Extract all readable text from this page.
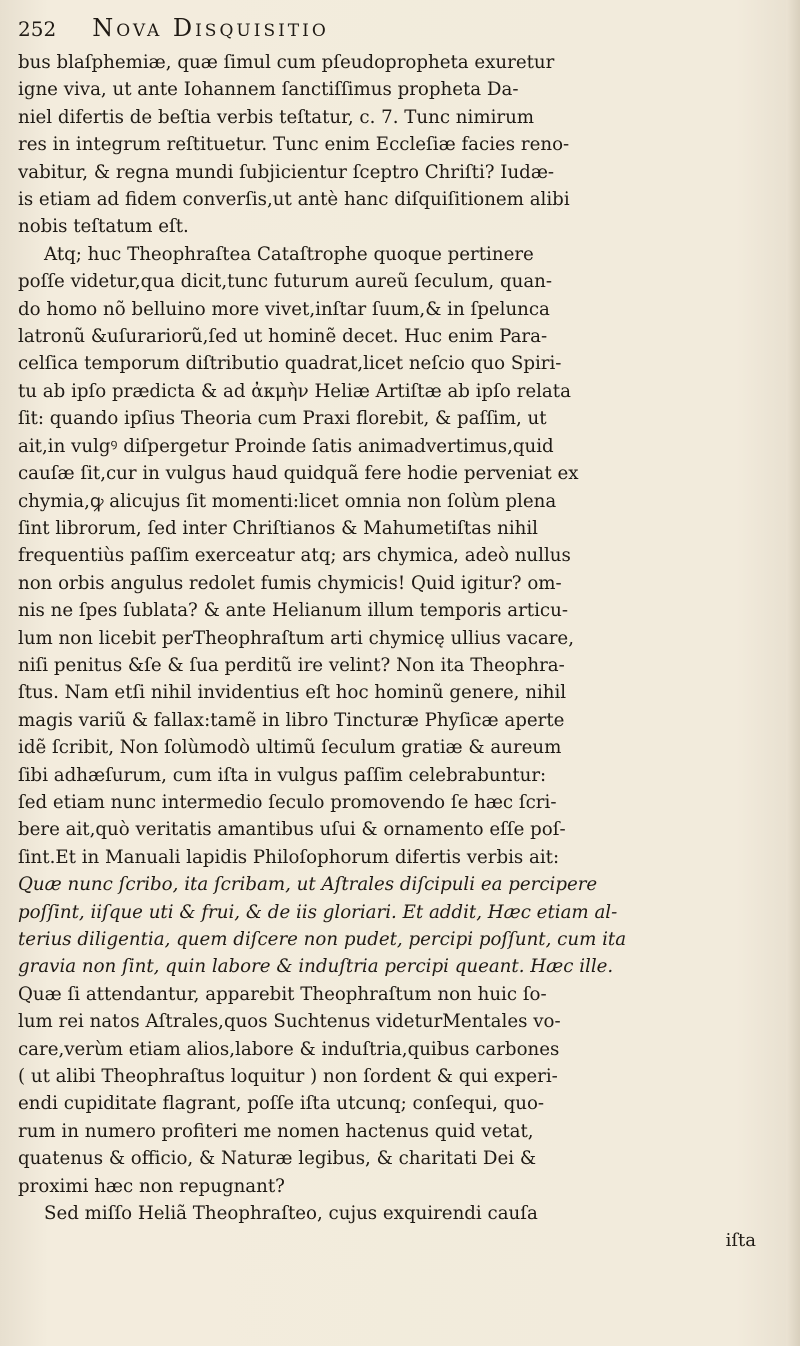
252 Nova Disquisitio
bus blaſphemiæ, quæ ſimul cum pſeudopropheta exuretur
igne viva, ut ante Iohannem ſanctiſſimus propheta Da-
niel difertis de beſtia verbis teſtatur, c. 7. Tunc nimirum
res in integrum reſtituetur. Tunc enim Eccleſiæ facies reno-
vabitur, & regna mundi ſubjicientur ſceptro Chriſti? Iudæ-
is etiam ad fidem converſis,ut antè hanc diſquiſitionem alibi
nobis teſtatum eſt.
Atq; huc Theophraſtea Cataſtrophe quoque pertinere
poſſe videtur,qua dicit,tunc futurum aureũ ſeculum, quan-
do homo nõ belluino more vivet,inſtar ſuum,& in ſpelunca
latronũ &uſurariorũ,ſed ut hominẽ decet. Huc enim Para-
celſica temporum diſtributio quadrat,licet neſcio quo Spiri-
tu ab ipſo prædicta & ad ἀκμὴν Heliæ Artiſtæ ab ipſo relata
ſit: quando ipſius Theoria cum Praxi florebit, & paſſim, ut
ait,in vulgꝰ diſpergetur Proinde ſatis animadvertimus,quid
cauſæ ſit,cur in vulgus haud quidquã fere hodie perveniat ex
chymia,ꝙ alicujus ſit momenti:licet omnia non ſolùm plena
ſint librorum, ſed inter Chriſtianos & Mahumetiſtas nihil
frequentiùs paſſim exerceatur atq; ars chymica, adeò nullus
non orbis angulus redolet fumis chymicis! Quid igitur? om-
nis ne ſpes ſublata? & ante Helianum illum temporis articu-
lum non licebit perTheophraſtum arti chymicę ullius vacare,
niſi penitus &ſe & ſua perditũ ire velint? Non ita Theophra-
ſtus. Nam etſi nihil invidentius eſt hoc hominũ genere, nihil
magis variũ & fallax:tamẽ in libro Tincturæ Phyſicæ aperte
idẽ ſcribit, Non ſolùmodò ultimũ ſeculum gratiæ & aureum
ſibi adhæſurum, cum iſta in vulgus paſſim celebrabuntur:
ſed etiam nunc intermedio ſeculo promovendo ſe hæc ſcri-
bere ait,quò veritatis amantibus uſui & ornamento eſſe poſ-
ſint.Et in Manuali lapidis Philoſophorum difertis verbis ait:
Quæ nunc ſcribo, ita ſcribam, ut Aſtrales diſcipuli ea percipere
poſſint, iiſque uti & frui, & de iis gloriari. Et addit, Hæc etiam al-
terius diligentia, quem diſcere non pudet, percipi poſſunt, cum ita
gravia non ſint, quin labore & induſtria percipi queant. Hæc ille.
Quæ ſi attendantur, apparebit Theophraſtum non huic ſo-
lum rei natos Aſtrales,quos Suchtenus videturMentales vo-
care,verùm etiam alios,labore & induſtria,quibus carbones
( ut alibi Theophraſtus loquitur ) non ſordent & qui experi-
endi cupiditate flagrant, poſſe iſta utcunq; conſequi, quo-
rum in numero profiteri me nomen hactenus quid vetat,
quatenus & officio, & Naturæ legibus, & charitati Dei &
proximi hæc non repugnant?
Sed miſſo Heliã Theophraſteo, cujus exquirendi cauſa
iſta
